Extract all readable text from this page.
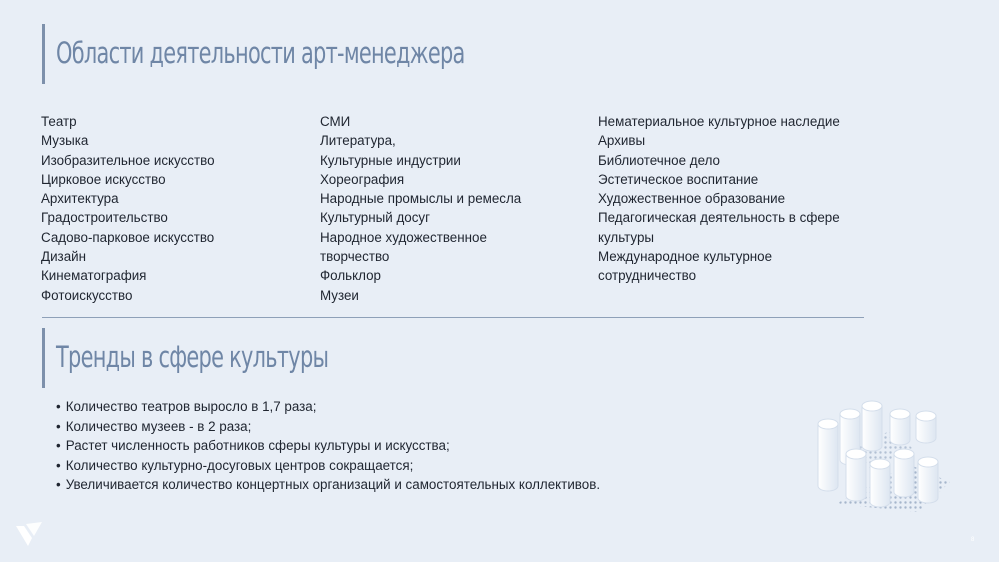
Области деятельности арт-менеджера
Театр
Музыка
Изобразительное искусство
Цирковое искусство
Архитектура
Градостроительство
Садово-парковое искусство
Дизайн
Кинематография
Фотоискусство
СМИ
Литература,
Культурные индустрии
Хореография
Народные промыслы и ремесла
Культурный досуг
Народное художественное
творчество
Фольклор
Музеи
Нематериальное культурное наследие
Архивы
Библиотечное дело
Эстетическое воспитание
Художественное образование
Педагогическая деятельность в сфере
культуры
Международное культурное
сотрудничество
Тренды в сфере культуры
• Количество театров выросло в 1,7 раза;
• Количество музеев - в 2 раза;
• Растет численность работников сферы культуры и искусства;
• Количество культурно-досуговых центров сокращается;
• Увеличивается количество концертных организаций и самостоятельных коллективов.
8
